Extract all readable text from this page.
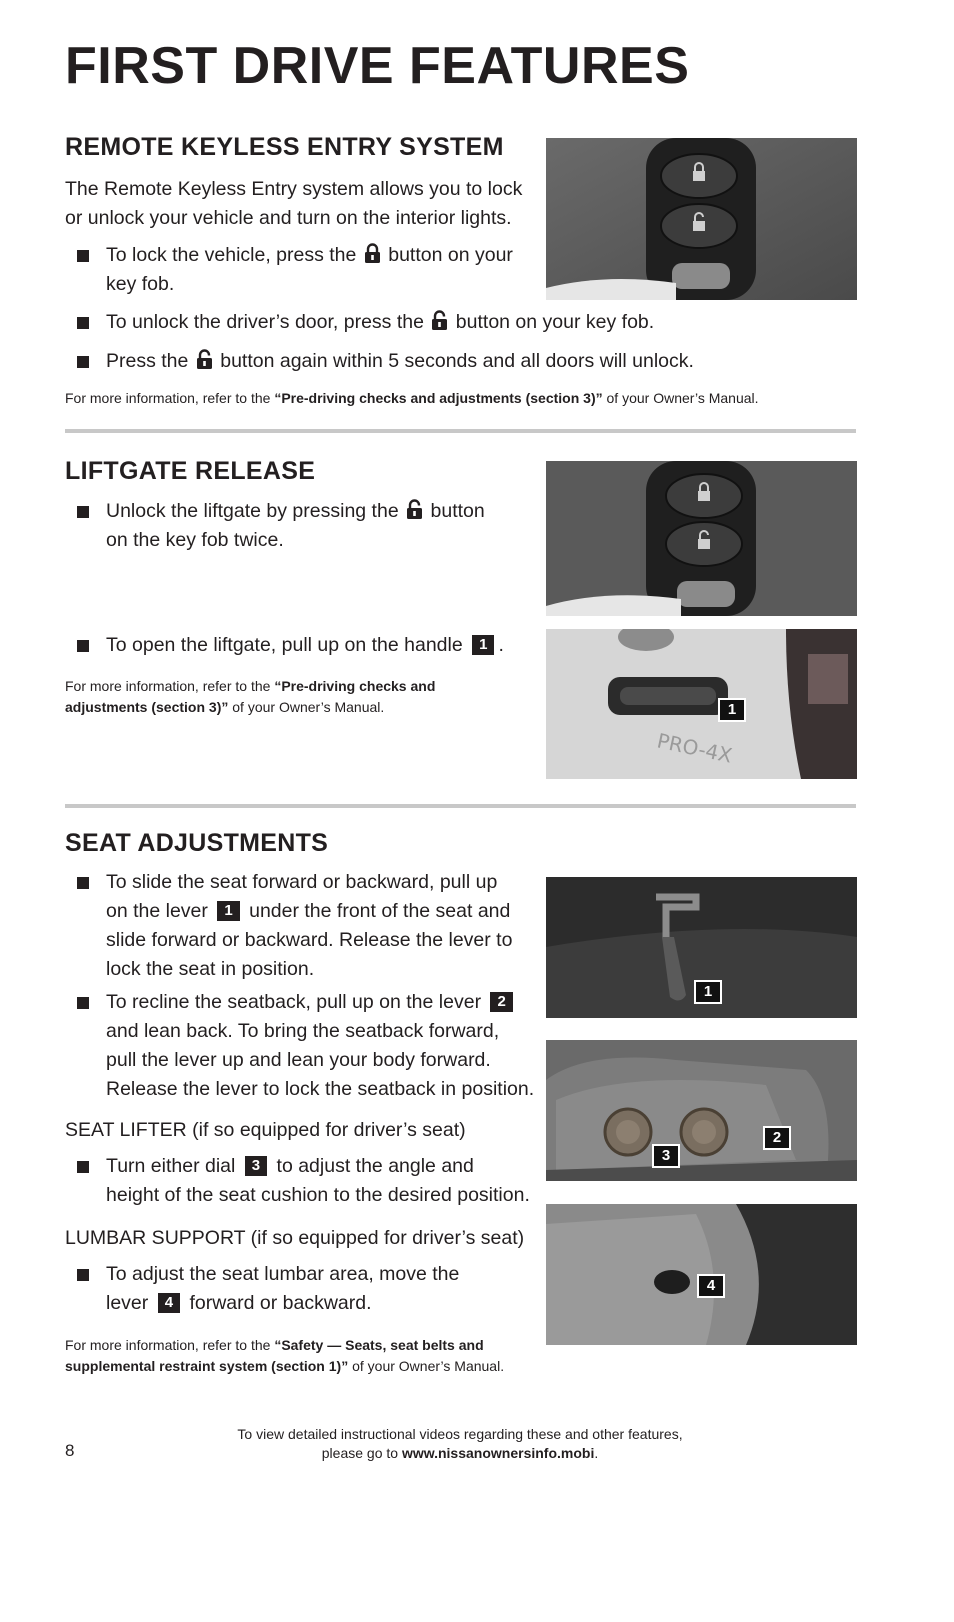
FIRST DRIVE FEATURES
REMOTE KEYLESS ENTRY SYSTEM
The Remote Keyless Entry system allows you to lock
or unlock your vehicle and turn on the interior lights.
To lock the vehicle, press the button on your
key fob.
To unlock the driver’s door, press the button on your key fob.
Press the button again within 5 seconds and all doors will unlock.

For more information, refer to the “Pre-driving checks and adjustments (section 3)” of your Owner’s Manual.

LIFTGATE RELEASE
Unlock the liftgate by pressing the button
on the key fob twice.
To open the liftgate, pull up on the handle 1 .

For more information, refer to the “Pre-driving checks and
adjustments (section 3)” of your Owner’s Manual.

PRO-4X
1
SEAT ADJUSTMENTS
To slide the seat forward or backward, pull up
on the lever 1 under the front of the seat and
slide forward or backward. Release the lever to
lock the seat in position.
To recline the seatback, pull up on the lever 2
and lean back. To bring the seatback forward,
pull the lever up and lean your body forward.
Release the lever to lock the seatback in position.
SEAT LIFTER (if so equipped for driver’s seat)
Turn either dial 3 to adjust the angle and
height of the seat cushion to the desired position.
LUMBAR SUPPORT (if so equipped for driver’s seat)
To adjust the seat lumbar area, move the
lever 4 forward or backward.

For more information, refer to the “Safety — Seats, seat belts and
supplemental restraint system (section 1)” of your Owner’s Manual.

1
2
3
4
8
To view detailed instructional videos regarding these and other features,
please go to www.nissanownersinfo.mobi.
